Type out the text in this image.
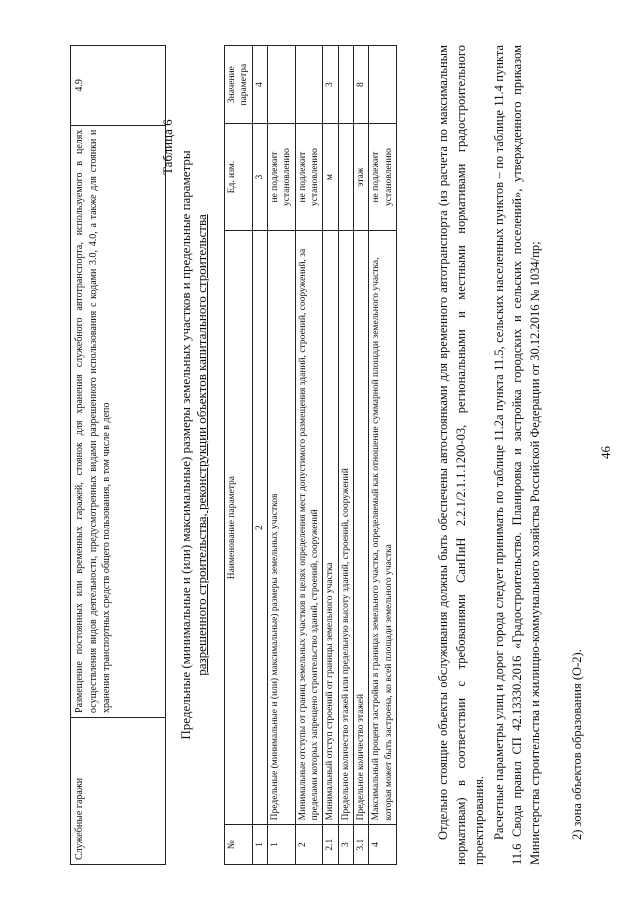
46
Служебные гаражи	Размещение постоянных или временных гаражей, стоянок для хранения служебного автотранспорта, используемого в целях осуществления видов деятельности, предусмотренных видами разрешенного использования с кодами 3.0, 4.0, а также для стоянки и хранения транспортных средств общего пользования, в том числе в депо	4.9
Таблица 6
Предельные (минимальные и (или) максимальные) размеры земельных участков и предельные параметры разрешенного строительства, реконструкции объектов капитального строительства
№	Наименование параметра	Ед. изм.	Значение параметра
1	2	3	4
1	Предельные (минимальные и (или) максимальные) размеры земельных участков	не подлежит установлению	
2	Минимальные отступы от границ земельных участков в целях определения мест допустимого размещения зданий, строений, сооружений, за пределами которых запрещено строительство зданий, строений, сооружений	не подлежит установлению	
2.1	Минимальный отступ строений от границы земельного участка	м	3
3	Предельное количество этажей или предельную высоту зданий, строений, сооружений		
3.1	Предельное количество этажей	этаж	8
4	Максимальный процент застройки в границах земельного участка, определяемый как отношение суммарной площади земельного участка, которая может быть застроена, ко всей площади земельного участка	не подлежит установлению		Отдельно стоящие объекты обслуживания должны быть обеспечены автостоянками для временного автотранспорта (из расчета по максимальным нормативам) в соответствии с требованиями СанПиН 2.2.1/2.1.1.1200-03, региональными и местными нормативами градостроительного проектирования. Расчетные параметры улиц и дорог города следует принимать по таблице 11.2а пункта 11.5, сельских населенных пунктов – по таблице 11.4 пункта 11.6 Свода правил СП 42.13330.2016 «Градостроительство. Планировка и застройка городских и сельских поселений», утвержденного приказом Министерства строительства и жилищно-коммунального хозяйства Российской Федерации от 30.12.2016 № 1034/пр; 2) зона объектов образования (О-2).
